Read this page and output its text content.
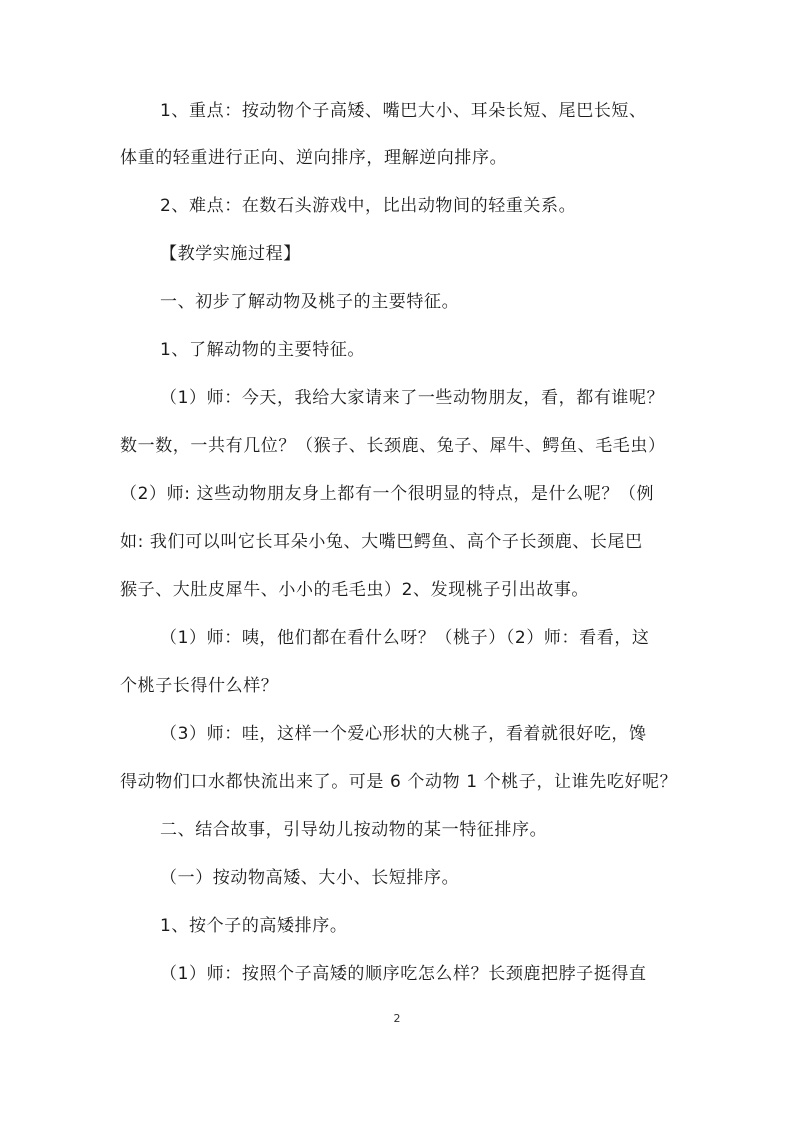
1、重点：按动物个子高矮、嘴巴大小、耳朵长短、尾巴长短、
体重的轻重进行正向、逆向排序，理解逆向排序。
2、难点：在数石头游戏中，比出动物间的轻重关系。
【教学实施过程】
一、初步了解动物及桃子的主要特征。
1、了解动物的主要特征。
（1）师：今天，我给大家请来了一些动物朋友，看，都有谁呢？
数一数，一共有几位？（猴子、长颈鹿、兔子、犀牛、鳄鱼、毛毛虫）
（2）师: 这些动物朋友身上都有一个很明显的特点，是什么呢？（例
如: 我们可以叫它长耳朵小兔、大嘴巴鳄鱼、高个子长颈鹿、长尾巴
猴子、大肚皮犀牛、小小的毛毛虫）2、发现桃子引出故事。
（1）师：咦，他们都在看什么呀？（桃子）（2）师：看看，这
个桃子长得什么样？
（3）师：哇，这样一个爱心形状的大桃子，看着就很好吃，馋
得动物们口水都快流出来了。可是 6 个动物 1 个桃子，让谁先吃好呢？
二、结合故事，引导幼儿按动物的某一特征排序。
（一）按动物高矮、大小、长短排序。
1、按个子的高矮排序。
（1）师：按照个子高矮的顺序吃怎么样？长颈鹿把脖子挺得直
2
